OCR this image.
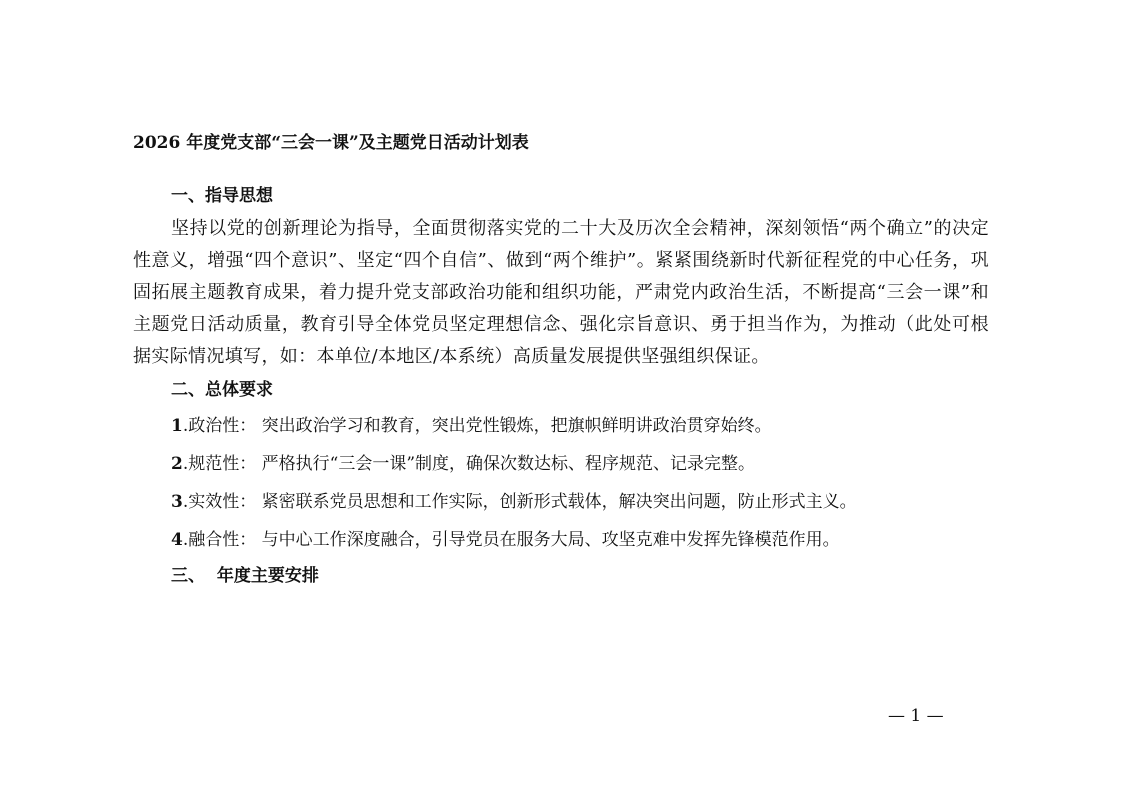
2026 年度党支部“三会一课”及主题党日活动计划表
一、指导思想

坚持以党的创新理论为指导，全面贯彻落实党的二十大及历次全会精神，深刻领悟“两个确立”的决定性意义，增强“四个意识”、坚定“四个自信”、做到“两个维护”。紧紧围绕新时代新征程党的中心任务，巩固拓展主题教育成果，着力提升党支部政治功能和组织功能，严肃党内政治生活，不断提高“三会一课”和主题党日活动质量，教育引导全体党员坚定理想信念、强化宗旨意识、勇于担当作为，为推动（此处可根据实际情况填写，如：本单位/本地区/本系统）高质量发展提供坚强组织保证。

二、总体要求
1.政治性： 突出政治学习和教育，突出党性锻炼，把旗帜鲜明讲政治贯穿始终。
2.规范性： 严格执行“三会一课”制度，确保次数达标、程序规范、记录完整。
3.实效性： 紧密联系党员思想和工作实际，创新形式载体，解决突出问题，防止形式主义。
4.融合性： 与中心工作深度融合，引导党员在服务大局、攻坚克难中发挥先锋模范作用。
三、  年度主要安排
— 1 —
